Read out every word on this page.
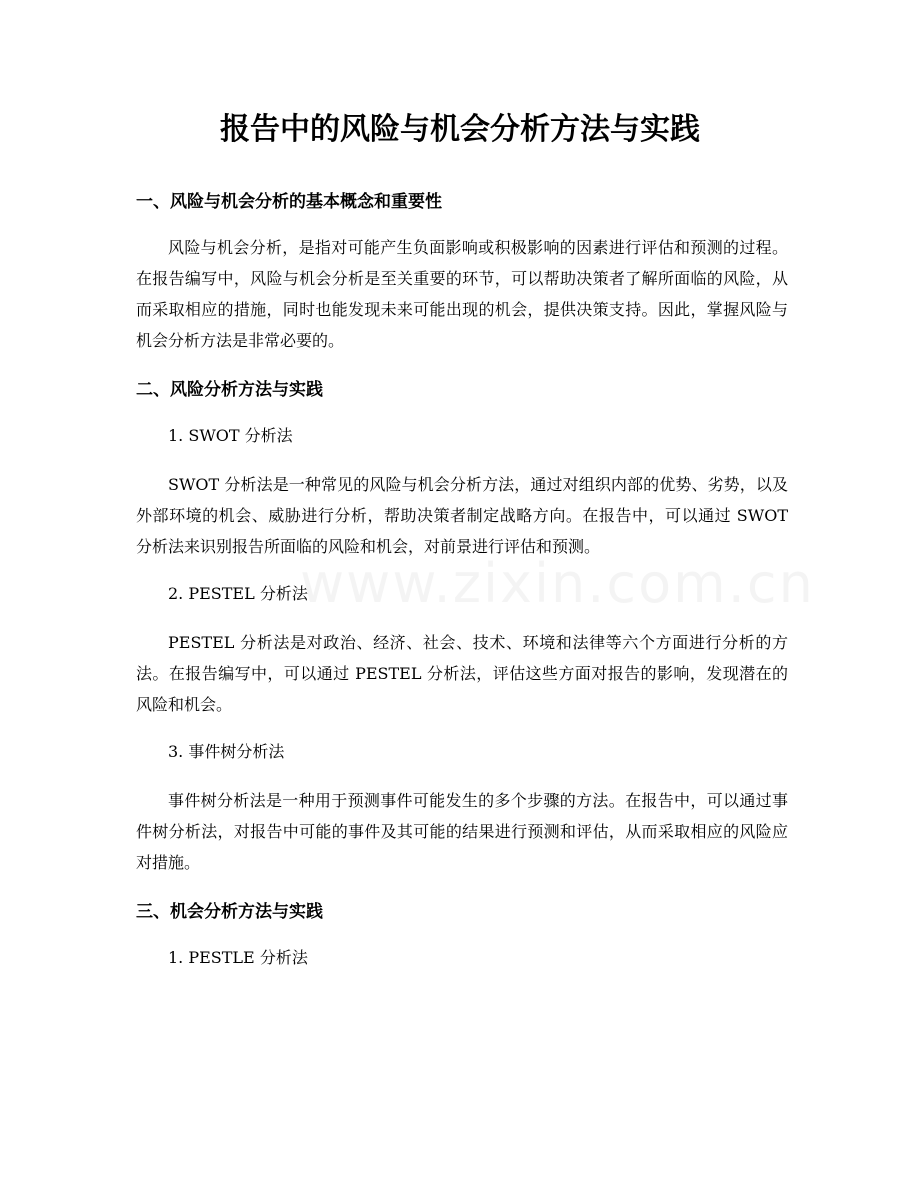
报告中的风险与机会分析方法与实践
一、风险与机会分析的基本概念和重要性

风险与机会分析，是指对可能产生负面影响或积极影响的因素进行评估和预测的过程。在报告编写中，风险与机会分析是至关重要的环节，可以帮助决策者了解所面临的风险，从而采取相应的措施，同时也能发现未来可能出现的机会，提供决策支持。因此，掌握风险与机会分析方法是非常必要的。

二、风险分析方法与实践
1. SWOT 分析法

SWOT 分析法是一种常见的风险与机会分析方法，通过对组织内部的优势、劣势，以及外部环境的机会、威胁进行分析，帮助决策者制定战略方向。在报告中，可以通过 SWOT 分析法来识别报告所面临的风险和机会，对前景进行评估和预测。

2. PESTEL 分析法

PESTEL 分析法是对政治、经济、社会、技术、环境和法律等六个方面进行分析的方法。在报告编写中，可以通过 PESTEL 分析法，评估这些方面对报告的影响，发现潜在的风险和机会。

3. 事件树分析法

事件树分析法是一种用于预测事件可能发生的多个步骤的方法。在报告中，可以通过事件树分析法，对报告中可能的事件及其可能的结果进行预测和评估，从而采取相应的风险应对措施。

三、机会分析方法与实践
1. PESTLE 分析法
